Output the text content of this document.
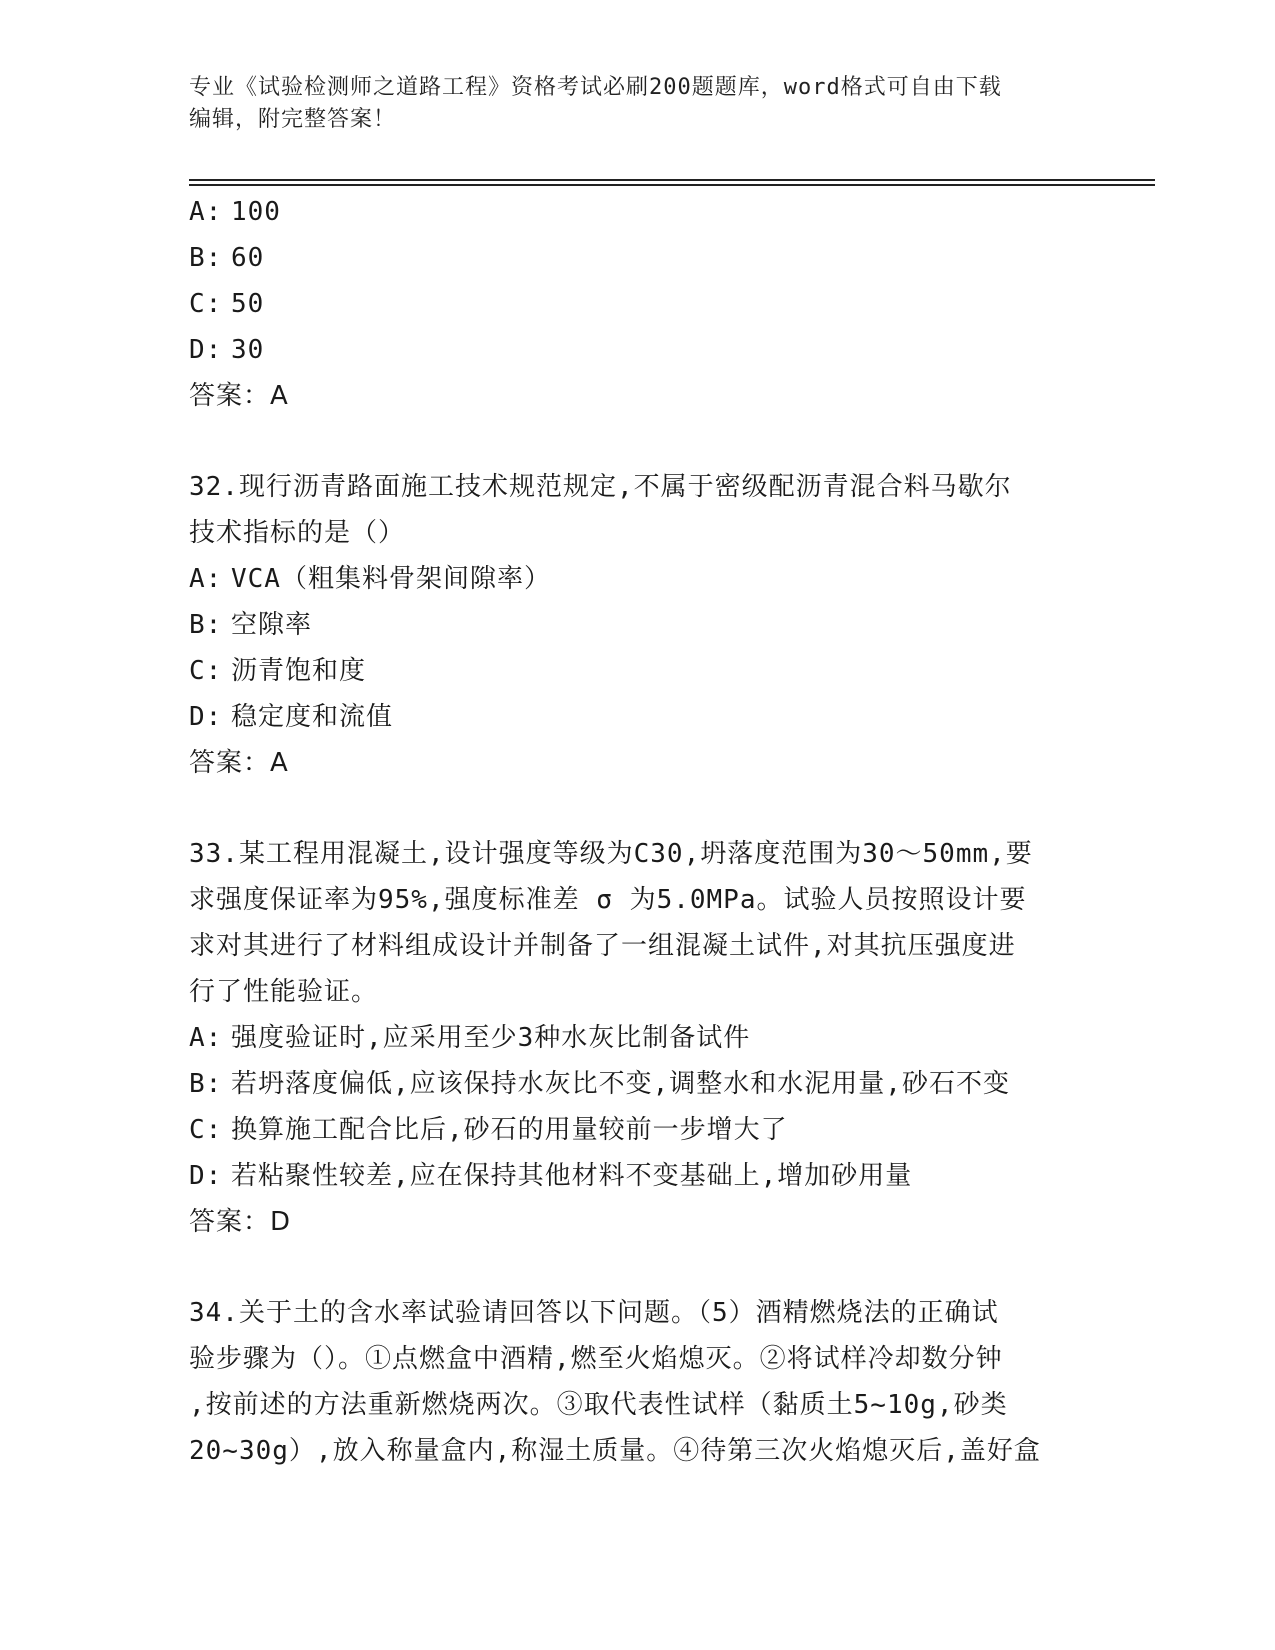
专业《试验检测师之道路工程》资格考试必刷200题题库，word格式可自由下载
编辑，附完整答案！
A: 100
B: 60
C: 50
D: 30
答案：A
32.现行沥青路面施工技术规范规定,不属于密级配沥青混合料马歇尔
技术指标的是（）
A: VCA（粗集料骨架间隙率）
B: 空隙率
C: 沥青饱和度
D: 稳定度和流值
答案：A
33.某工程用混凝土,设计强度等级为C30,坍落度范围为30～50mm,要
求强度保证率为95%,强度标准差 σ 为5.0MPa。试验人员按照设计要
求对其进行了材料组成设计并制备了一组混凝土试件,对其抗压强度进
行了性能验证。
A: 强度验证时,应采用至少3种水灰比制备试件
B: 若坍落度偏低,应该保持水灰比不变,调整水和水泥用量,砂石不变
C: 换算施工配合比后,砂石的用量较前一步增大了
D: 若粘聚性较差,应在保持其他材料不变基础上,增加砂用量
答案：D
34.关于土的含水率试验请回答以下问题。（5）酒精燃烧法的正确试
验步骤为（）。①点燃盒中酒精,燃至火焰熄灭。②将试样冷却数分钟
,按前述的方法重新燃烧两次。③取代表性试样（黏质土5~10g,砂类
20~30g）,放入称量盒内,称湿土质量。④待第三次火焰熄灭后,盖好盒
